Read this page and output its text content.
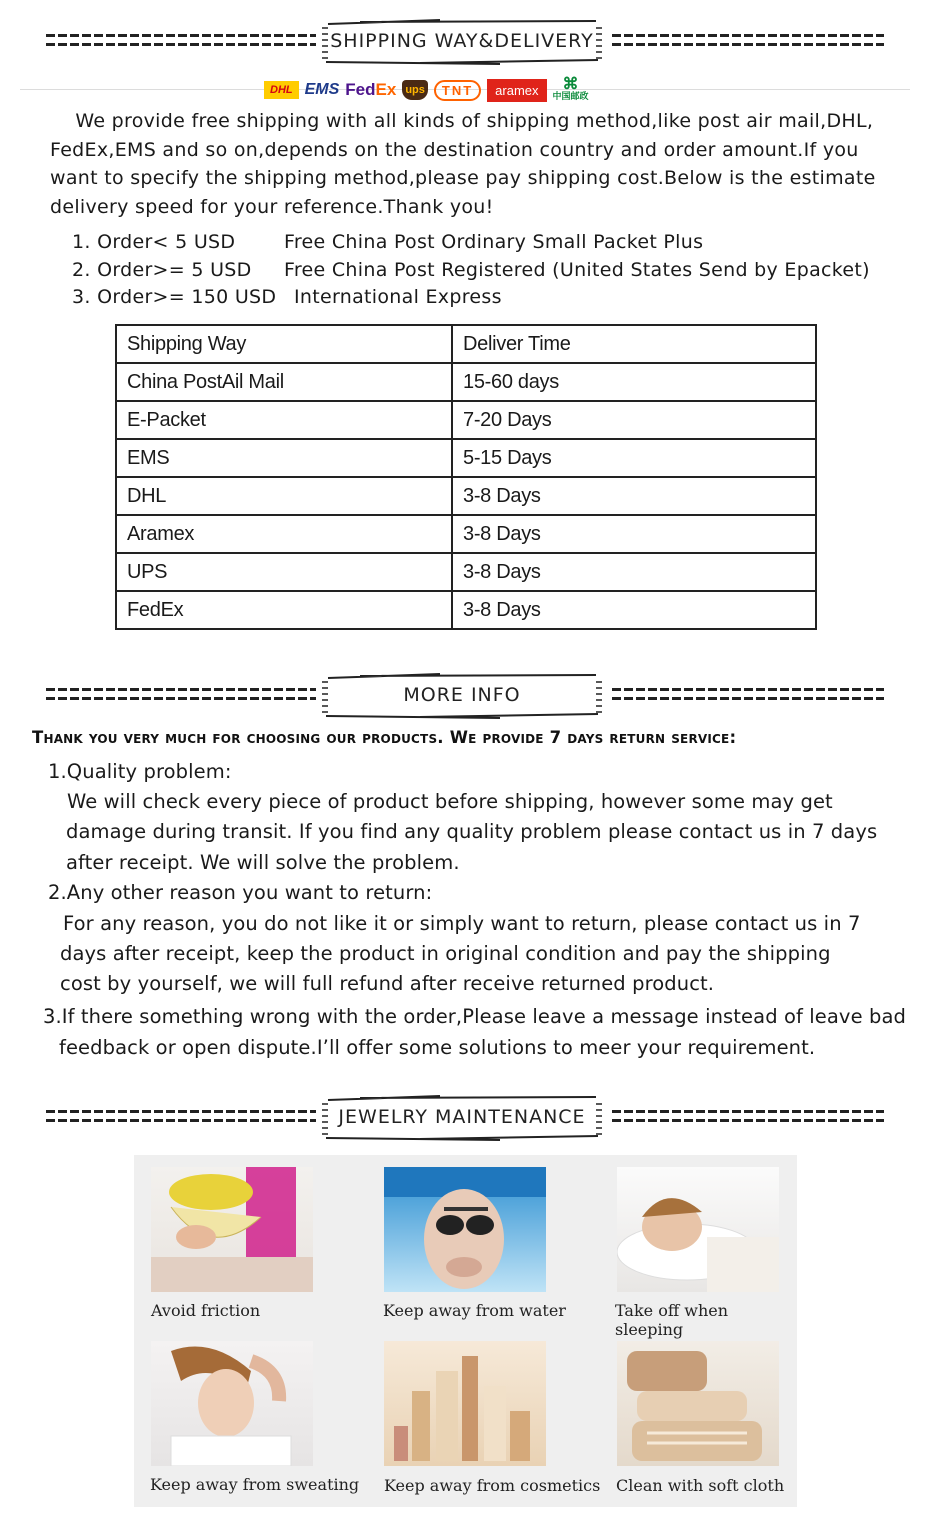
SHIPPING WAY&DELIVERY
DHL EMS FedEx ups	TNT	aramex	⌘
中国邮政
We provide free shipping with all kinds of shipping method,like post air mail,DHL,
FedEx,EMS and so on,depends on the destination country and order amount.If you
want to specify the shipping method,please pay shipping cost.Below is the estimate
delivery speed for your reference.Thank you!
1. Order< 5 USD	Free China Post Ordinary Small Packet Plus
2. Order>= 5 USD Free China Post Registered (United States Send by Epacket)
3. Order>= 150 USD International Express
Shipping Way	Deliver Time
China PostAil Mail	15-60 days
E-Packet	7-20 Days
EMS	5-15 Days
DHL	3-8 Days
Aramex	3-8 Days
UPS	3-8 Days
FedEx	3-8 Days
MORE INFO
Thank you very much for choosing our products. We provide 7 days return service:
1.Quality problem:
We will check every piece of product before shipping, however some may get
damage during transit. If you find any quality problem please contact us in 7 days
after receipt. We will solve the problem.
2.Any other reason you want to return:
For any reason, you do not like it or simply want to return, please contact us in 7
days after receipt, keep the product in original condition and pay the shipping
cost by yourself, we will full refund after receive returned product.
3.If there something wrong with the order,Please leave a message instead of leave bad
feedback or open dispute.I’ll offer some solutions to meer your requirement.
JEWELRY MAINTENANCE
Avoid friction	Keep away from water	Take off when sleeping
Keep away from sweating Keep away from cosmetics Clean with soft cloth
